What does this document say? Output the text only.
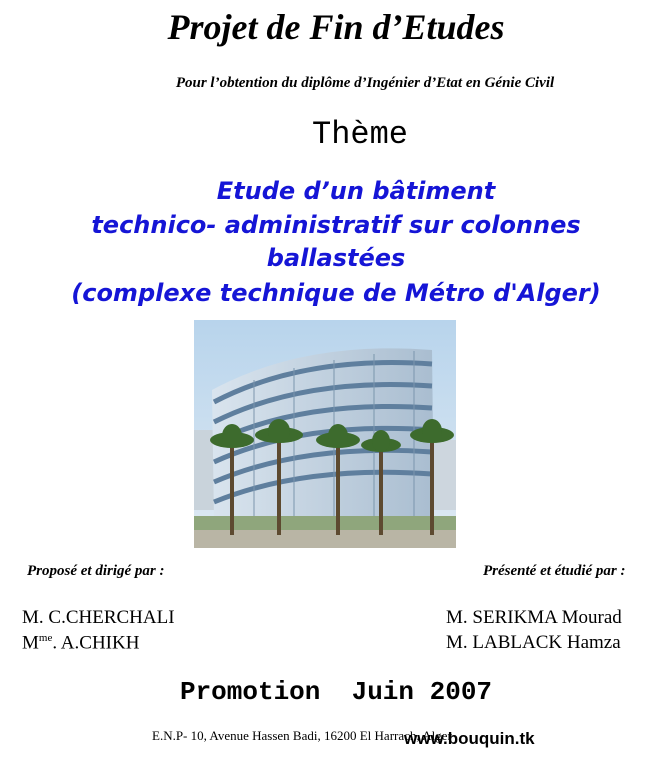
Projet de Fin d’Etudes
Pour l’obtention du diplôme d’Ingénier d’Etat en Génie Civil
Thème
Etude d’un bâtiment
technico- administratif sur colonnes
ballastées
(complexe technique de Métro d'Alger)
Proposé et dirigé par :	Présenté et étudié par :
M. C.CHERCHALI
$M^{me}$. A.CHIKH
M. SERIKMA Mourad
M. LABLACK Hamza
Promotion  Juin 2007
E.N.P- 10, Avenue Hassen Badi, 16200 El Harrach, Alger
www.bouquin.tk
